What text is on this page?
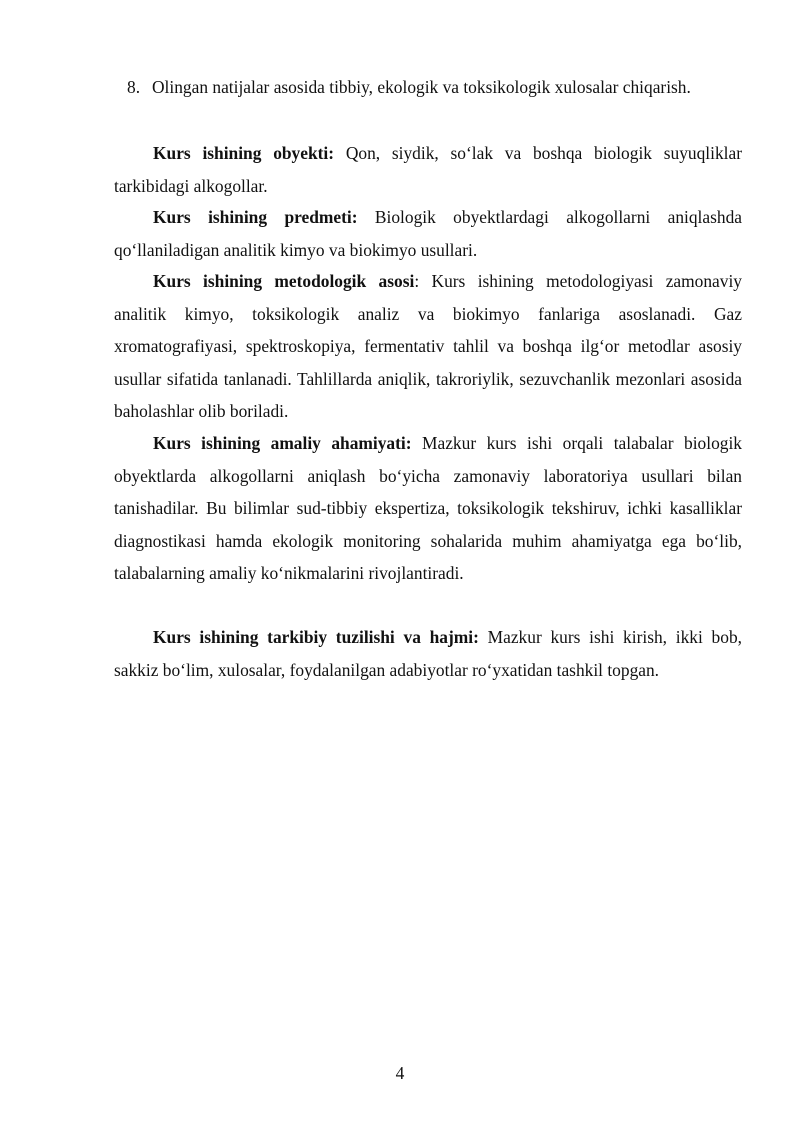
8. Olingan natijalar asosida tibbiy, ekologik va toksikologik xulosalar chiqarish.

Kurs ishining obyekti: Qon, siydik, so‘lak va boshqa biologik suyuqliklar tarkibidagi alkogollar.

Kurs ishining predmeti: Biologik obyektlardagi alkogollarni aniqlashda qo‘llaniladigan analitik kimyo va biokimyo usullari.

Kurs ishining metodologik asosi: Kurs ishining metodologiyasi zamonaviy analitik kimyo, toksikologik analiz va biokimyo fanlariga asoslanadi. Gaz xromatografiyasi, spektroskopiya, fermentativ tahlil va boshqa ilg‘or metodlar asosiy usullar sifatida tanlanadi. Tahlillarda aniqlik, takroriylik, sezuvchanlik mezonlari asosida baholashlar olib boriladi.

Kurs ishining amaliy ahamiyati: Mazkur kurs ishi orqali talabalar biologik obyektlarda alkogollarni aniqlash bo‘yicha zamonaviy laboratoriya usullari bilan tanishadilar. Bu bilimlar sud-tibbiy ekspertiza, toksikologik tekshiruv, ichki kasalliklar diagnostikasi hamda ekologik monitoring sohalarida muhim ahamiyatga ega bo‘lib, talabalarning amaliy ko‘nikmalarini rivojlantiradi.

Kurs ishining tarkibiy tuzilishi va hajmi: Mazkur kurs ishi kirish, ikki bob, sakkiz bo‘lim, xulosalar, foydalanilgan adabiyotlar ro‘yxatidan tashkil topgan.

4
